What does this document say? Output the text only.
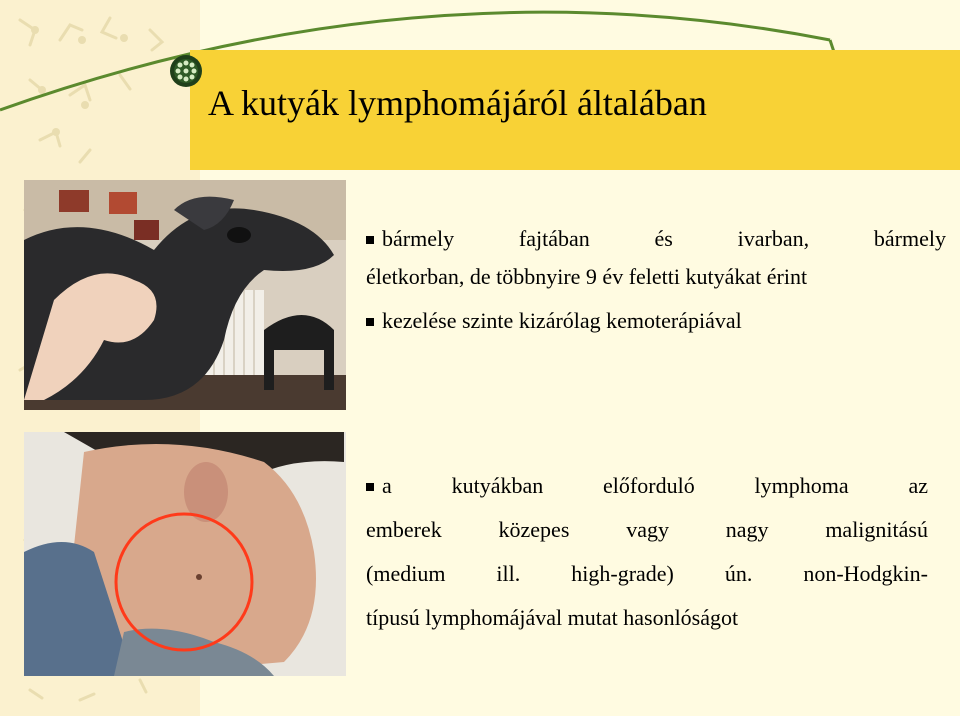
A kutyák lymphomájáról általában
bármely	fajtában	és	ivarban,	bármely
életkorban, de többnyire 9 év feletti kutyákat érint
kezelése szinte kizárólag kemoterápiával
a	kutyákban	előforduló	lymphoma	az
emberek	közepes	vagy	nagy	malignitású
(medium ill. high-grade) ún. non-Hodgkin-
típusú lymphomájával mutat hasonlóságot
